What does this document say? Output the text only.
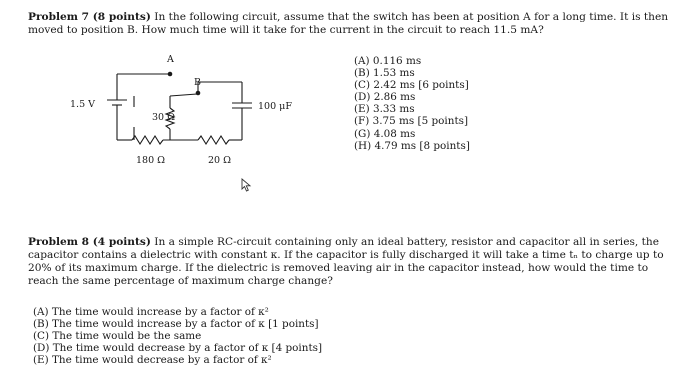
Problem 7 (8 points) In the following circuit, assume that the switch has been at position A for a long time. It is then moved to position B. How much time will it take for the current in the circuit to reach 11.5 mA?
1.5 V
A
B
30 Ω
180 Ω	20 Ω
100 μF
(A) 0.116 ms
(B) 1.53 ms
(C) 2.42 ms [ 6 points ]
(D) 2.86 ms
(E) 3.33 ms
(F) 3.75 ms [ 5 points ]
(G) 4.08 ms
(H) 4.79 ms [ 8 points ]
Problem 8 (4 points) In a simple RC-circuit containing only an ideal battery, resistor and capacitor all in series, the capacitor contains a dielectric with constant κ. If the capacitor is fully discharged it will take a time tₙ to charge up to 20% of its maximum charge. If the dielectric is removed leaving air in the capacitor instead, how would the time to reach the same percentage of maximum charge change?
(A) The time would increase by a factor of κ²
(B) The time would increase by a factor of κ [ 1 points ]
(C) The time would be the same
(D) The time would decrease by a factor of κ [ 4 points ]
(E) The time would decrease by a factor of κ²
